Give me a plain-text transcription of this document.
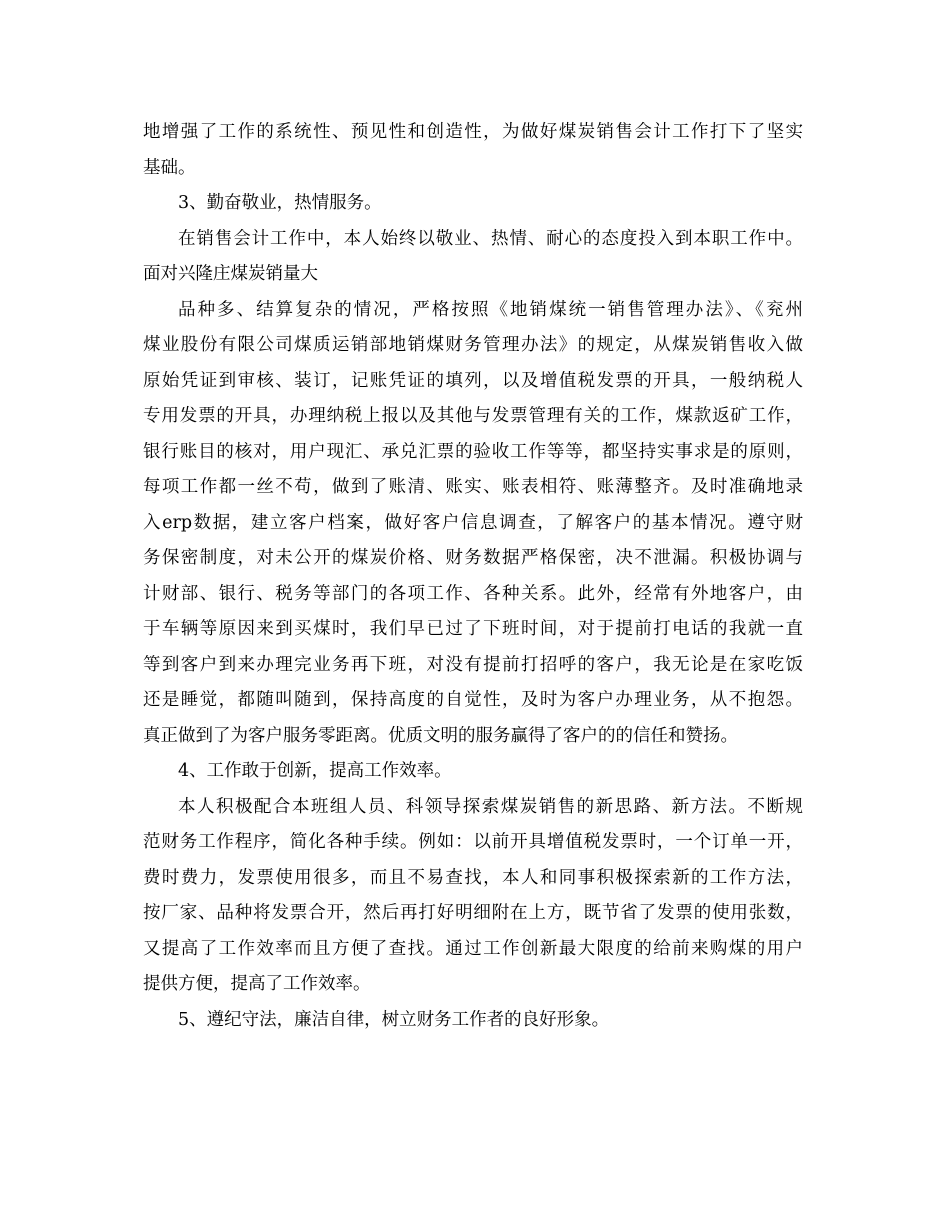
地增强了工作的系统性、预见性和创造性，为做好煤炭销售会计工作打下了坚实
基础。
3、勤奋敬业，热情服务。
在销售会计工作中，本人始终以敬业、热情、耐心的态度投入到本职工作中。
面对兴隆庄煤炭销量大
品种多、结算复杂的情况，严格按照《地销煤统一销售管理办法》、《兖州
煤业股份有限公司煤质运销部地销煤财务管理办法》的规定，从煤炭销售收入做
原始凭证到审核、装订，记账凭证的填列，以及增值税发票的开具，一般纳税人
专用发票的开具，办理纳税上报以及其他与发票管理有关的工作，煤款返矿工作，
银行账目的核对，用户现汇、承兑汇票的验收工作等等，都坚持实事求是的原则，
每项工作都一丝不苟，做到了账清、账实、账表相符、账薄整齐。及时准确地录
入erp数据，建立客户档案，做好客户信息调查，了解客户的基本情况。遵守财
务保密制度，对未公开的煤炭价格、财务数据严格保密，决不泄漏。积极协调与
计财部、银行、税务等部门的各项工作、各种关系。此外，经常有外地客户，由
于车辆等原因来到买煤时，我们早已过了下班时间，对于提前打电话的我就一直
等到客户到来办理完业务再下班，对没有提前打招呼的客户，我无论是在家吃饭
还是睡觉，都随叫随到，保持高度的自觉性，及时为客户办理业务，从不抱怨。
真正做到了为客户服务零距离。优质文明的服务赢得了客户的的信任和赞扬。
4、工作敢于创新，提高工作效率。
本人积极配合本班组人员、科领导探索煤炭销售的新思路、新方法。不断规
范财务工作程序，简化各种手续。例如：以前开具增值税发票时，一个订单一开，
费时费力，发票使用很多，而且不易查找，本人和同事积极探索新的工作方法，
按厂家、品种将发票合开，然后再打好明细附在上方，既节省了发票的使用张数，
又提高了工作效率而且方便了查找。通过工作创新最大限度的给前来购煤的用户
提供方便，提高了工作效率。
5、遵纪守法，廉洁自律，树立财务工作者的良好形象。
